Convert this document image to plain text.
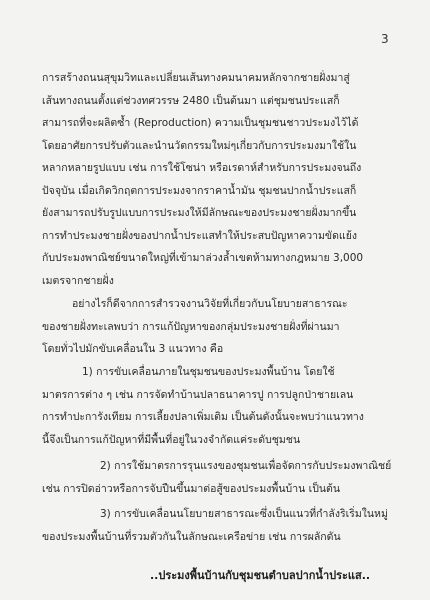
3
การสร้างถนนสุขุมวิทและเปลี่ยนเส้นทางคมนาคมหลักจากชายฝั่งมาสู่
เส้นทางถนนตั้งแต่ช่วงทศวรรษ 2480 เป็นต้นมา แต่ชุมชนประแสก็
สามารถที่จะผลิตซ้ำ (Reproduction) ความเป็นชุมชนชาวประมงไว้ได้
โดยอาศัยการปรับตัวและนำนวัตกรรมใหม่ๆเกี่ยวกับการประมงมาใช้ใน
หลากหลายรูปแบบ เช่น การใช้โซน่า หรือเรดาห์สำหรับการประมงจนถึง
ปัจจุบัน เมื่อเกิดวิกฤตการประมงจากราคาน้ำมัน ชุมชนปากน้ำประแสก็
ยังสามารถปรับรูปแบบการประมงให้มีลักษณะของประมงชายฝั่งมากขึ้น
การทำประมงชายฝั่งของปากน้ำประแสทำให้ประสบปัญหาความขัดแย้ง
กับประมงพาณิชย์ขนาดใหญ่ที่เข้ามาล่วงล้ำเขตห้ามทางกฎหมาย 3,000
เมตรจากชายฝั่ง
อย่างไรก็ดีจากการสำรวจงานวิจัยที่เกี่ยวกับนโยบายสาธารณะ
ของชายฝั่งทะเลพบว่า การแก้ปัญหาของกลุ่มประมงชายฝั่งที่ผ่านมา
โดยทั่วไปมักขับเคลื่อนใน 3 แนวทาง คือ
1) การขับเคลื่อนภายในชุมชนของประมงพื้นบ้าน โดยใช้
มาตรการต่าง ๆ เช่น การจัดทำบ้านปลาธนาคารปู การปลูกป่าชายเลน
การทำปะการังเทียม การเลี้ยงปลาเพิ่มเติม เป็นต้นดังนั้นจะพบว่าแนวทาง
นี้จึงเป็นการแก้ปัญหาที่มีพื้นที่อยู่ในวงจำกัดแค่ระดับชุมชน
2) การใช้มาตรการรุนแรงของชุมชนเพื่อจัดการกับประมงพาณิชย์
เช่น การปิดอ่าวหรือการจับปืนขึ้นมาต่อสู้ของประมงพื้นบ้าน เป็นต้น
3) การขับเคลื่อนนโยบายสาธารณะซึ่งเป็นแนวที่กำลังริเริ่มในหมู่
ของประมงพื้นบ้านที่รวมตัวกันในลักษณะเครือข่าย เช่น การผลักดัน
..ประมงพื้นบ้านกับชุมชนตำบลปากน้ำประแส..
